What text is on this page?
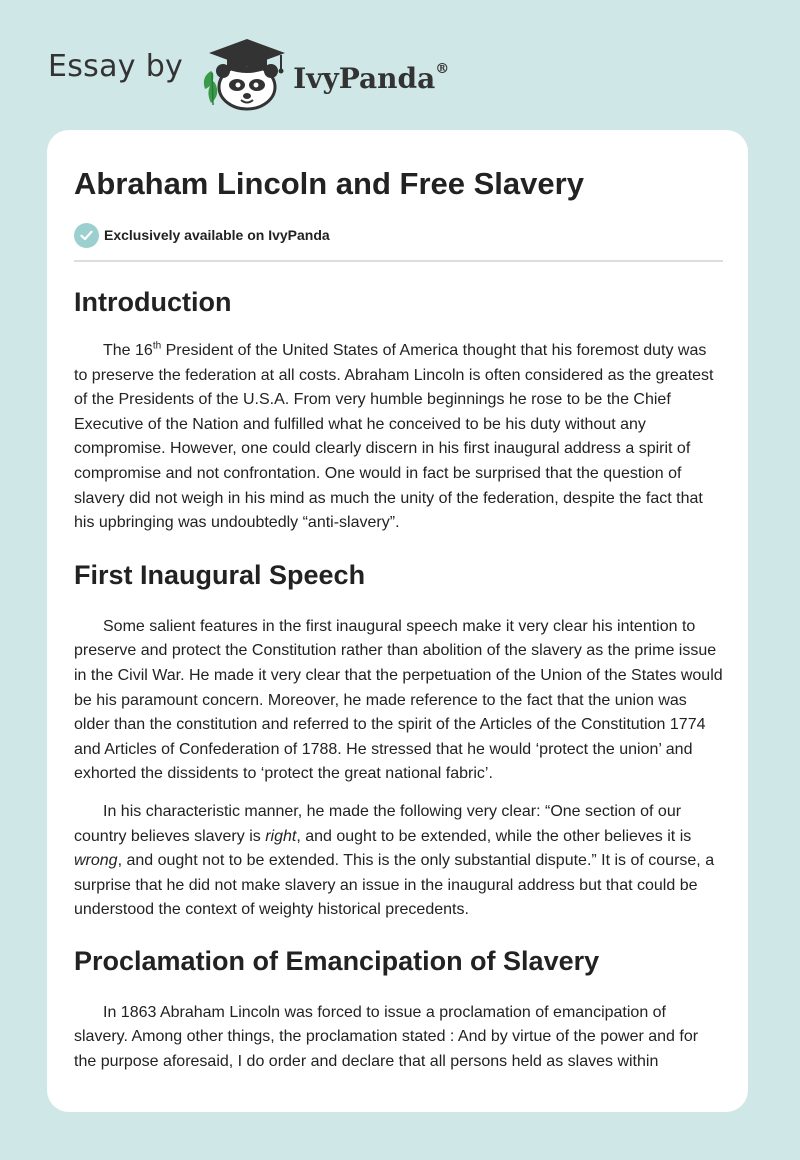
Essay by	IvyPanda®
Abraham Lincoln and Free Slavery
Exclusively available on IvyPanda
Introduction

The 16th President of the United States of America thought that his foremost duty was to preserve the federation at all costs. Abraham Lincoln is often considered as the greatest of the Presidents of the U.S.A. From very humble beginnings he rose to be the Chief Executive of the Nation and fulfilled what he conceived to be his duty without any compromise. However, one could clearly discern in his first inaugural address a spirit of compromise and not confrontation. One would in fact be surprised that the question of slavery did not weigh in his mind as much the unity of the federation, despite the fact that his upbringing was undoubtedly “anti-slavery”.

First Inaugural Speech

Some salient features in the first inaugural speech make it very clear his intention to preserve and protect the Constitution rather than abolition of the slavery as the prime issue in the Civil War. He made it very clear that the perpetuation of the Union of the States would be his paramount concern. Moreover, he made reference to the fact that the union was older than the constitution and referred to the spirit of the Articles of the Constitution 1774 and Articles of Confederation of 1788. He stressed that he would ‘protect the union’ and exhorted the dissidents to ‘protect the great national fabric’.

In his characteristic manner, he made the following very clear: “One section of our country believes slavery is right, and ought to be extended, while the other believes it is wrong, and ought not to be extended. This is the only substantial dispute.” It is of course, a surprise that he did not make slavery an issue in the inaugural address but that could be understood the context of weighty historical precedents.

Proclamation of Emancipation of Slavery

In 1863 Abraham Lincoln was forced to issue a proclamation of emancipation of slavery. Among other things, the proclamation stated : And by virtue of the power and for the purpose aforesaid, I do order and declare that all persons held as slaves within
